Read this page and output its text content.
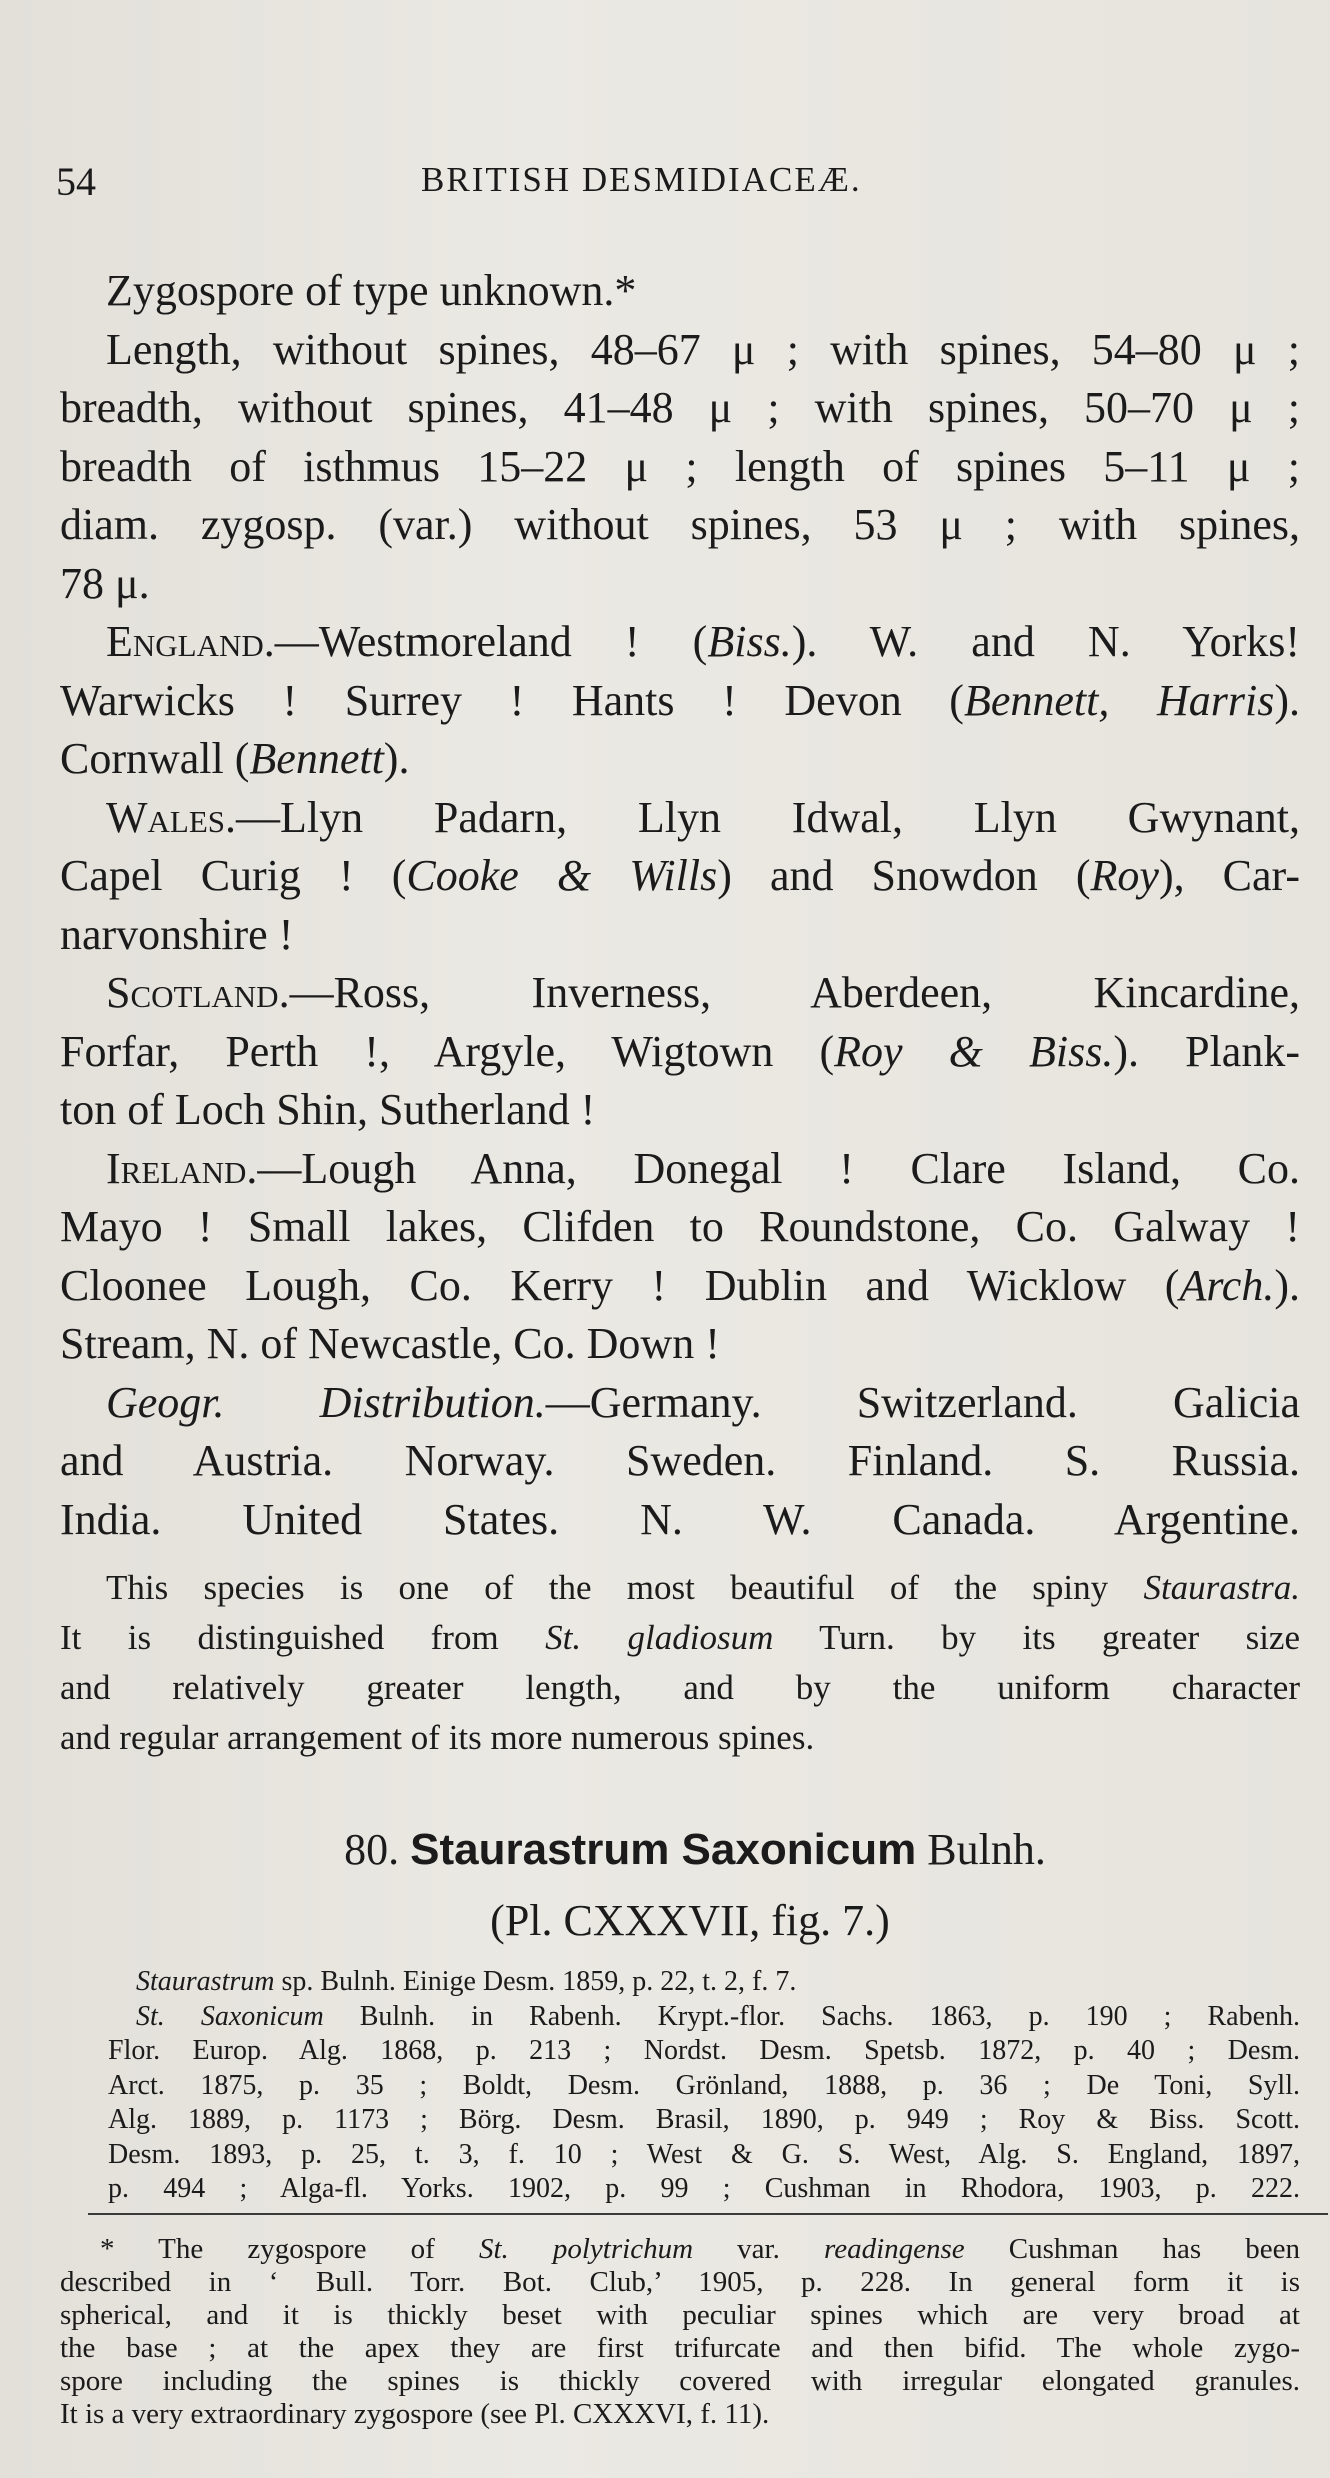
54	BRITISH DESMIDIACEÆ.
Zygospore of type unknown.*
Length, without spines, 48–67 μ ; with spines, 54–80 μ ;
breadth, without spines, 41–48 μ ; with spines, 50–70 μ ;
breadth of isthmus 15–22 μ ; length of spines 5–11 μ ;
diam. zygosp. (var.) without spines, 53 μ ; with spines,
78 μ.
England.—Westmoreland ! (Biss.). W. and N. Yorks!
Warwicks ! Surrey ! Hants ! Devon (Bennett, Harris).
Cornwall (Bennett).
Wales.—Llyn Padarn, Llyn Idwal, Llyn Gwynant,
Capel Curig ! (Cooke & Wills) and Snowdon (Roy), Car-
narvonshire !
Scotland.—Ross, Inverness, Aberdeen, Kincardine,
Forfar, Perth !, Argyle, Wigtown (Roy & Biss.). Plank-
ton of Loch Shin, Sutherland !
Ireland.—Lough Anna, Donegal ! Clare Island, Co.
Mayo ! Small lakes, Clifden to Roundstone, Co. Galway !
Cloonee Lough, Co. Kerry ! Dublin and Wicklow (Arch.).
Stream, N. of Newcastle, Co. Down !
Geogr. Distribution.—Germany. Switzerland. Galicia
and Austria. Norway. Sweden. Finland. S. Russia.
India. United States. N. W. Canada. Argentine.
This species is one of the most beautiful of the spiny Staurastra.
It is distinguished from St. gladiosum Turn. by its greater size
and relatively greater length, and by the uniform character
and regular arrangement of its more numerous spines.
80. Staurastrum Saxonicum Bulnh.
(Pl. CXXXVII, fig. 7.)
Staurastrum sp. Bulnh. Einige Desm. 1859, p. 22, t. 2, f. 7.
St. Saxonicum Bulnh. in Rabenh. Krypt.-flor. Sachs. 1863, p. 190 ; Rabenh.
Flor. Europ. Alg. 1868, p. 213 ; Nordst. Desm. Spetsb. 1872, p. 40 ; Desm.
Arct. 1875, p. 35 ; Boldt, Desm. Grönland, 1888, p. 36 ; De Toni, Syll.
Alg. 1889, p. 1173 ; Börg. Desm. Brasil, 1890, p. 949 ; Roy & Biss. Scott.
Desm. 1893, p. 25, t. 3, f. 10 ; West & G. S. West, Alg. S. England, 1897,
p. 494 ; Alga-fl. Yorks. 1902, p. 99 ; Cushman in Rhodora, 1903, p. 222.
* The zygospore of St. polytrichum var. readingense Cushman has been
described in ‘ Bull. Torr. Bot. Club,’ 1905, p. 228. In general form it is
spherical, and it is thickly beset with peculiar spines which are very broad at
the base ; at the apex they are first trifurcate and then bifid. The whole zygo-
spore including the spines is thickly covered with irregular elongated granules.
It is a very extraordinary zygospore (see Pl. CXXXVI, f. 11).
